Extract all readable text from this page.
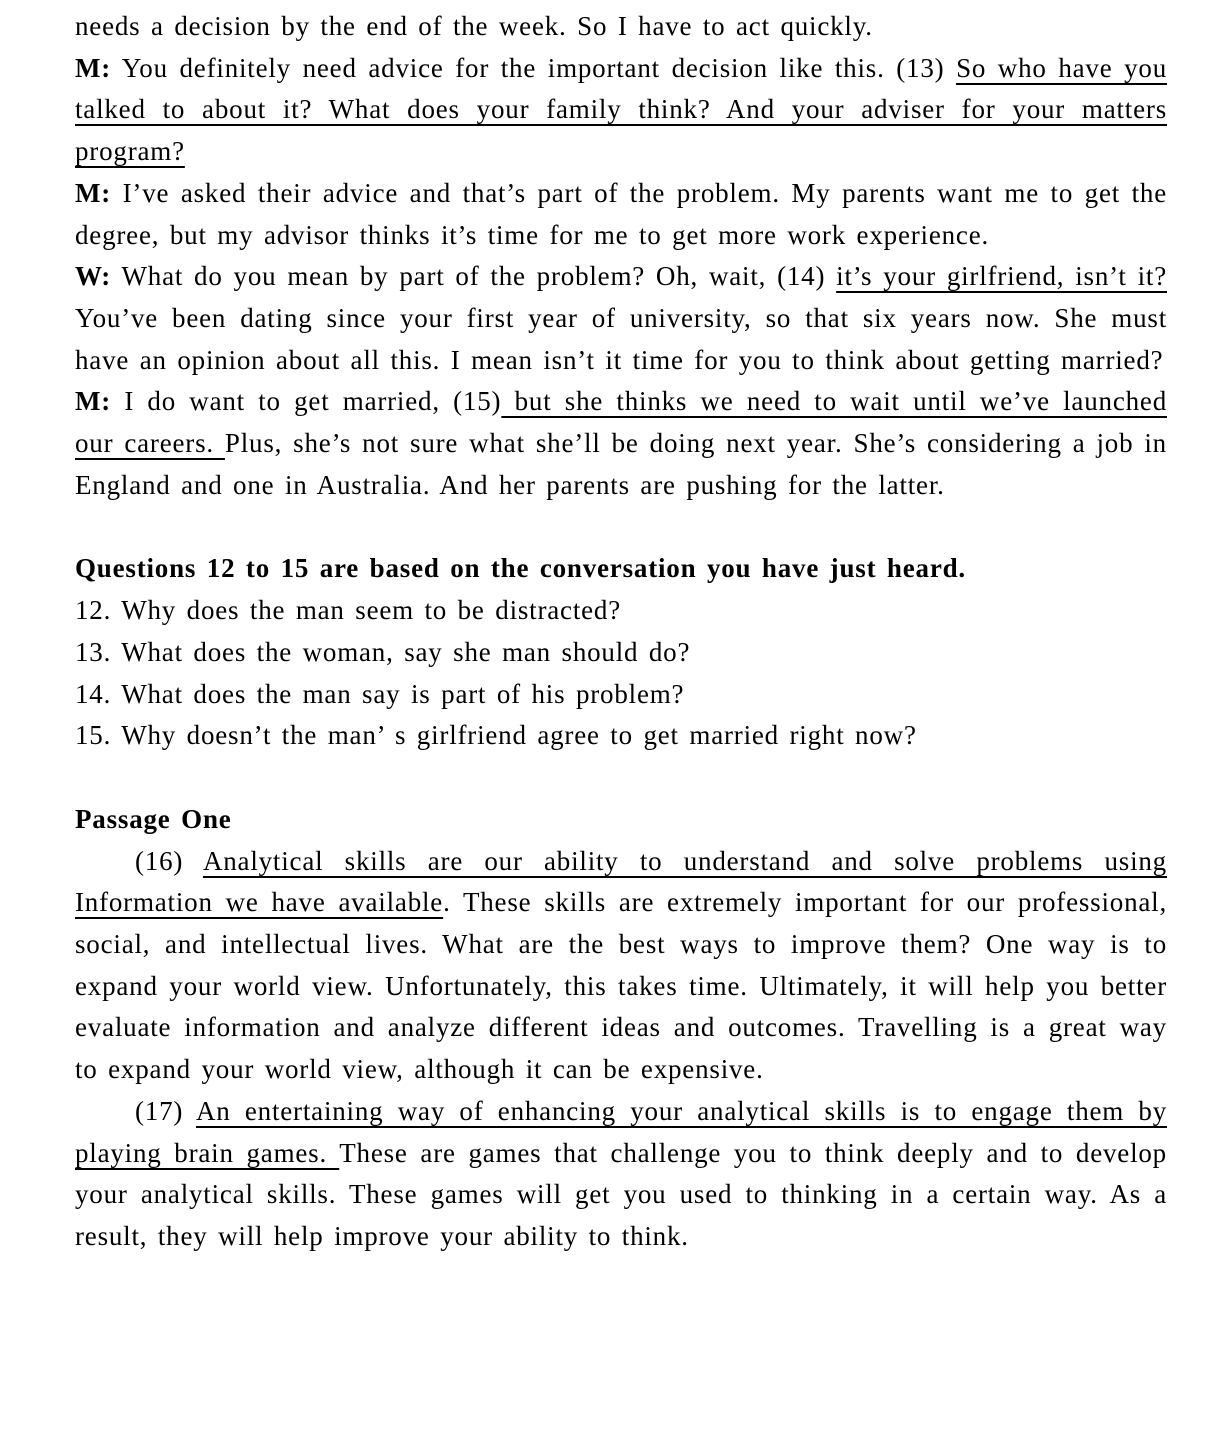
needs a decision by the end of the week. So I have to act quickly.

M: You definitely need advice for the important decision like this. (13) So who have you talked to about it? What does your family think? And your adviser for your matters program?

M: I’ve asked their advice and that’s part of the problem. My parents want me to get the degree, but my advisor thinks it’s time for me to get more work experience.

W: What do you mean by part of the problem? Oh, wait, (14) it’s your girlfriend, isn’t it? You’ve been dating since your first year of university, so that six years now. She must have an opinion about all this. I mean isn’t it time for you to think about getting married?

M: I do want to get married, (15) but she thinks we need to wait until we’ve launched our careers. Plus, she’s not sure what she’ll be doing next year. She’s considering a job in England and one in Australia. And her parents are pushing for the latter.

Questions 12 to 15 are based on the conversation you have just heard.

12. Why does the man seem to be distracted?

13. What does the woman, say she man should do?

14. What does the man say is part of his problem?

15. Why doesn’t the man’ s girlfriend agree to get married right now?

Passage One

(16) Analytical skills are our ability to understand and solve problems using Information we have available. These skills are extremely important for our professional, social, and intellectual lives. What are the best ways to improve them? One way is to expand your world view. Unfortunately, this takes time. Ultimately, it will help you better evaluate information and analyze different ideas and outcomes. Travelling is a great way to expand your world view, although it can be expensive.

(17) An entertaining way of enhancing your analytical skills is to engage them by playing brain games. These are games that challenge you to think deeply and to develop your analytical skills. These games will get you used to thinking in a certain way. As a result, they will help improve your ability to think.
